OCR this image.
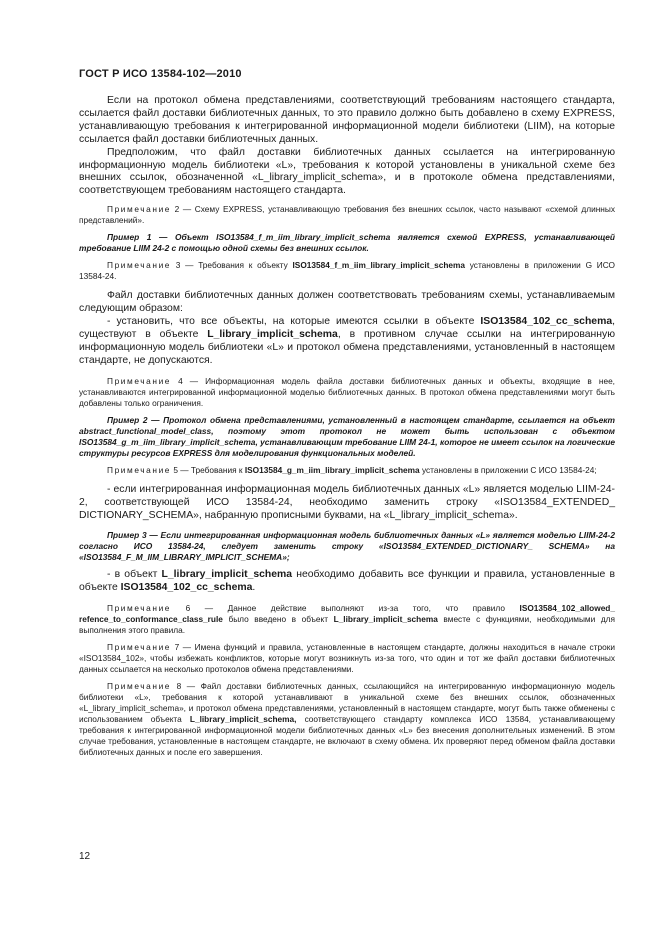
ГОСТ Р ИСО 13584-102—2010

Если на протокол обмена представлениями, соответствующий требованиям настоящего стандарта, ссылается файл доставки библиотечных данных, то это правило должно быть добавлено в схему EXPRESS, устанавливающую требования к интегрированной информационной модели библиотеки (LIIM), на которые ссылается файл доставки библиотечных данных.

Предположим, что файл доставки библиотечных данных ссылается на интегрированную информационную модель библиотеки «L», требования к которой установлены в уникальной схеме без внешних ссылок, обозначенной «L_library_implicit_schema», и в протоколе обмена представлениями, соответствующем требованиям настоящего стандарта.

Примечание 2 — Схему EXPRESS, устанавливающую требования без внешних ссылок, часто называют «схемой длинных представлений».

Пример 1 — Объект ISO13584_f_m_iim_library_implicit_schema является схемой EXPRESS, устанавливающей требование LIIM 24-2 с помощью одной схемы без внешних ссылок.

Примечание 3 — Требования к объекту ISO13584_f_m_iim_library_implicit_schema установлены в приложении G ИСО 13584-24.

Файл доставки библиотечных данных должен соответствовать требованиям схемы, устанавливаемым следующим образом:

- установить, что все объекты, на которые имеются ссылки в объекте ISO13584_102_cc_schema, существуют в объекте L_library_implicit_schema, в противном случае ссылки на интегрированную информационную модель библиотеки «L» и протокол обмена представлениями, установленный в настоящем стандарте, не допускаются.

Примечание 4 — Информационная модель файла доставки библиотечных данных и объекты, входящие в нее, устанавливаются интегрированной информационной моделью библиотечных данных. В протокол обмена представлениями могут быть добавлены только ограничения.

Пример 2 — Протокол обмена представлениями, установленный в настоящем стандарте, ссылается на объект abstract_functional_model_class, поэтому этот протокол не может быть использован с объектом ISO13584_g_m_iim_library_implicit_schema, устанавливающим требование LIIM 24-1, которое не имеет ссылок на логические структуры ресурсов EXPRESS для моделирования функциональных моделей.

Примечание 5 — Требования к ISO13584_g_m_iim_library_implicit_schema установлены в приложении С ИСО 13584-24;

- если интегрированная информационная модель библиотечных данных «L» является моделью LIIM-24-2, соответствующей ИСО 13584-24, необходимо заменить строку «ISO13584_EXTENDED_ DICTIONARY_SCHEMA», набранную прописными буквами, на «L_library_implicit_schema».

Пример 3 — Если интегрированная информационная модель библиотечных данных «L» является моделью LIIM-24-2 согласно ИСО 13584-24, следует заменить строку «ISO13584_EXTENDED_DICTIONARY_ SCHEMA» на «ISO13584_F_M_IIM_LIBRARY_IMPLICIT_SCHEMA»;

- в объект L_library_implicit_schema необходимо добавить все функции и правила, установленные в объекте ISO13584_102_cc_schema.

Примечание 6 — Данное действие выполняют из-за того, что правило ISO13584_102_allowed_ refence_to_conformance_class_rule было введено в объект L_library_implicit_schema вместе с функциями, необходимыми для выполнения этого правила.

Примечание 7 — Имена функций и правила, установленные в настоящем стандарте, должны находиться в начале строки «ISO13584_102», чтобы избежать конфликтов, которые могут возникнуть из-за того, что один и тот же файл доставки библиотечных данных ссылается на несколько протоколов обмена представлениями.

Примечание 8 — Файл доставки библиотечных данных, ссылающийся на интегрированную информационную модель библиотеки «L», требования к которой устанавливают в уникальной схеме без внешних ссылок, обозначенных «L_library_implicit_schema», и протокол обмена представлениями, установленный в настоящем стандарте, могут быть также обменены с использованием объекта L_library_implicit_schema, соответствующего стандарту комплекса ИСО 13584, устанавливающему требования к интегрированной информационной модели библиотечных данных «L» без внесения дополнительных изменений. В этом случае требования, установленные в настоящем стандарте, не включают в схему обмена. Их проверяют перед обменом файла доставки библиотечных данных и после его завершения.

12
